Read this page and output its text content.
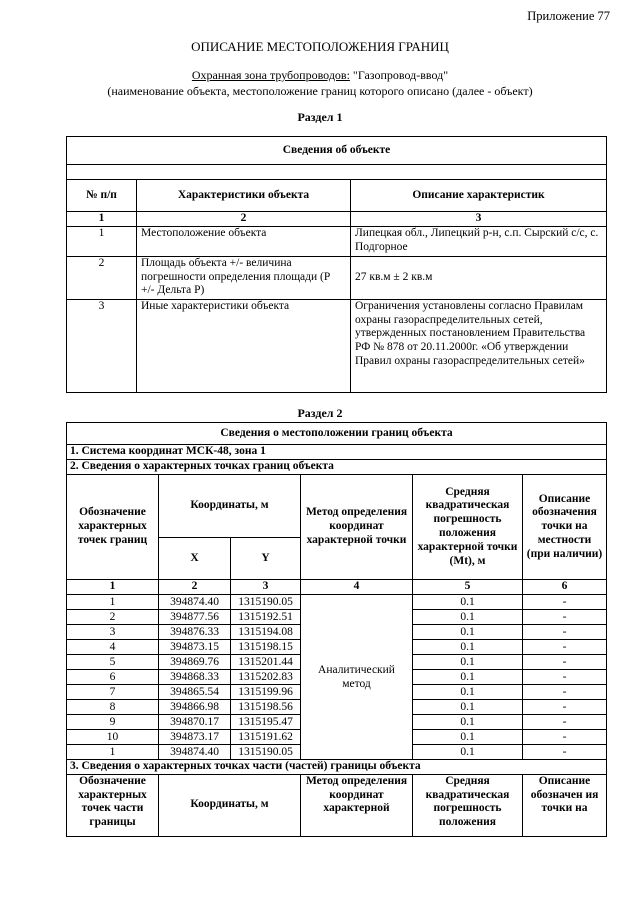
Приложение 77
ОПИСАНИЕ МЕСТОПОЛОЖЕНИЯ ГРАНИЦ
Охранная зона трубопроводов: "Газопровод-ввод"
(наименование объекта, местоположение границ которого описано (далее - объект)
Раздел 1
Сведения об объекте		

№ п/п	Характеристики объекта	Описание характеристик
1	2	3
1	Местоположение объекта	Липецкая обл., Липецкий р-н, с.п. Сырский с/с, с. Подгорное
2	Площадь объекта +/- величина погрешности определения площади (Р +/- Дельта Р)	27 кв.м ± 2 кв.м
3	Иные характеристики объекта	Ограничения установлены согласно Правилам охраны газораспределительных сетей, утвержденных постановлением Правительства РФ № 878 от 20.11.2000г. «Об утверждении Правил охраны газораспределительных сетей»
Раздел 2
Сведения о местоположении границ объекта					
1. Система координат МСК-48, зона 1					
2. Сведения о характерных точках границ объекта					
Обозначение характерных точек границ	Координаты, м		Метод определения координат характерной точки	Средняя квадратическая погрешность положения характерной точки (Mt), м	Описание обозначения точки на местности (при наличии)
	X	Y			
1	2	3	4	5	6
1	394874.40	1315190.05	Аналитический метод	0.1	-
2	394877.56	1315192.51		0.1	-
3	394876.33	1315194.08		0.1	-
4	394873.15	1315198.15		0.1	-
5	394869.76	1315201.44		0.1	-
6	394868.33	1315202.83		0.1	-
7	394865.54	1315199.96		0.1	-
8	394866.98	1315198.56		0.1	-
9	394870.17	1315195.47		0.1	-
10	394873.17	1315191.62		0.1	-
1	394874.40	1315190.05		0.1	-
3. Сведения о характерных точках части (частей) границы объекта					
Обозначение характерных точек части границы	Координаты, м		Метод определения координат характерной	Средняя квадратическая погрешность положения	Описание обозначен ия точки на
